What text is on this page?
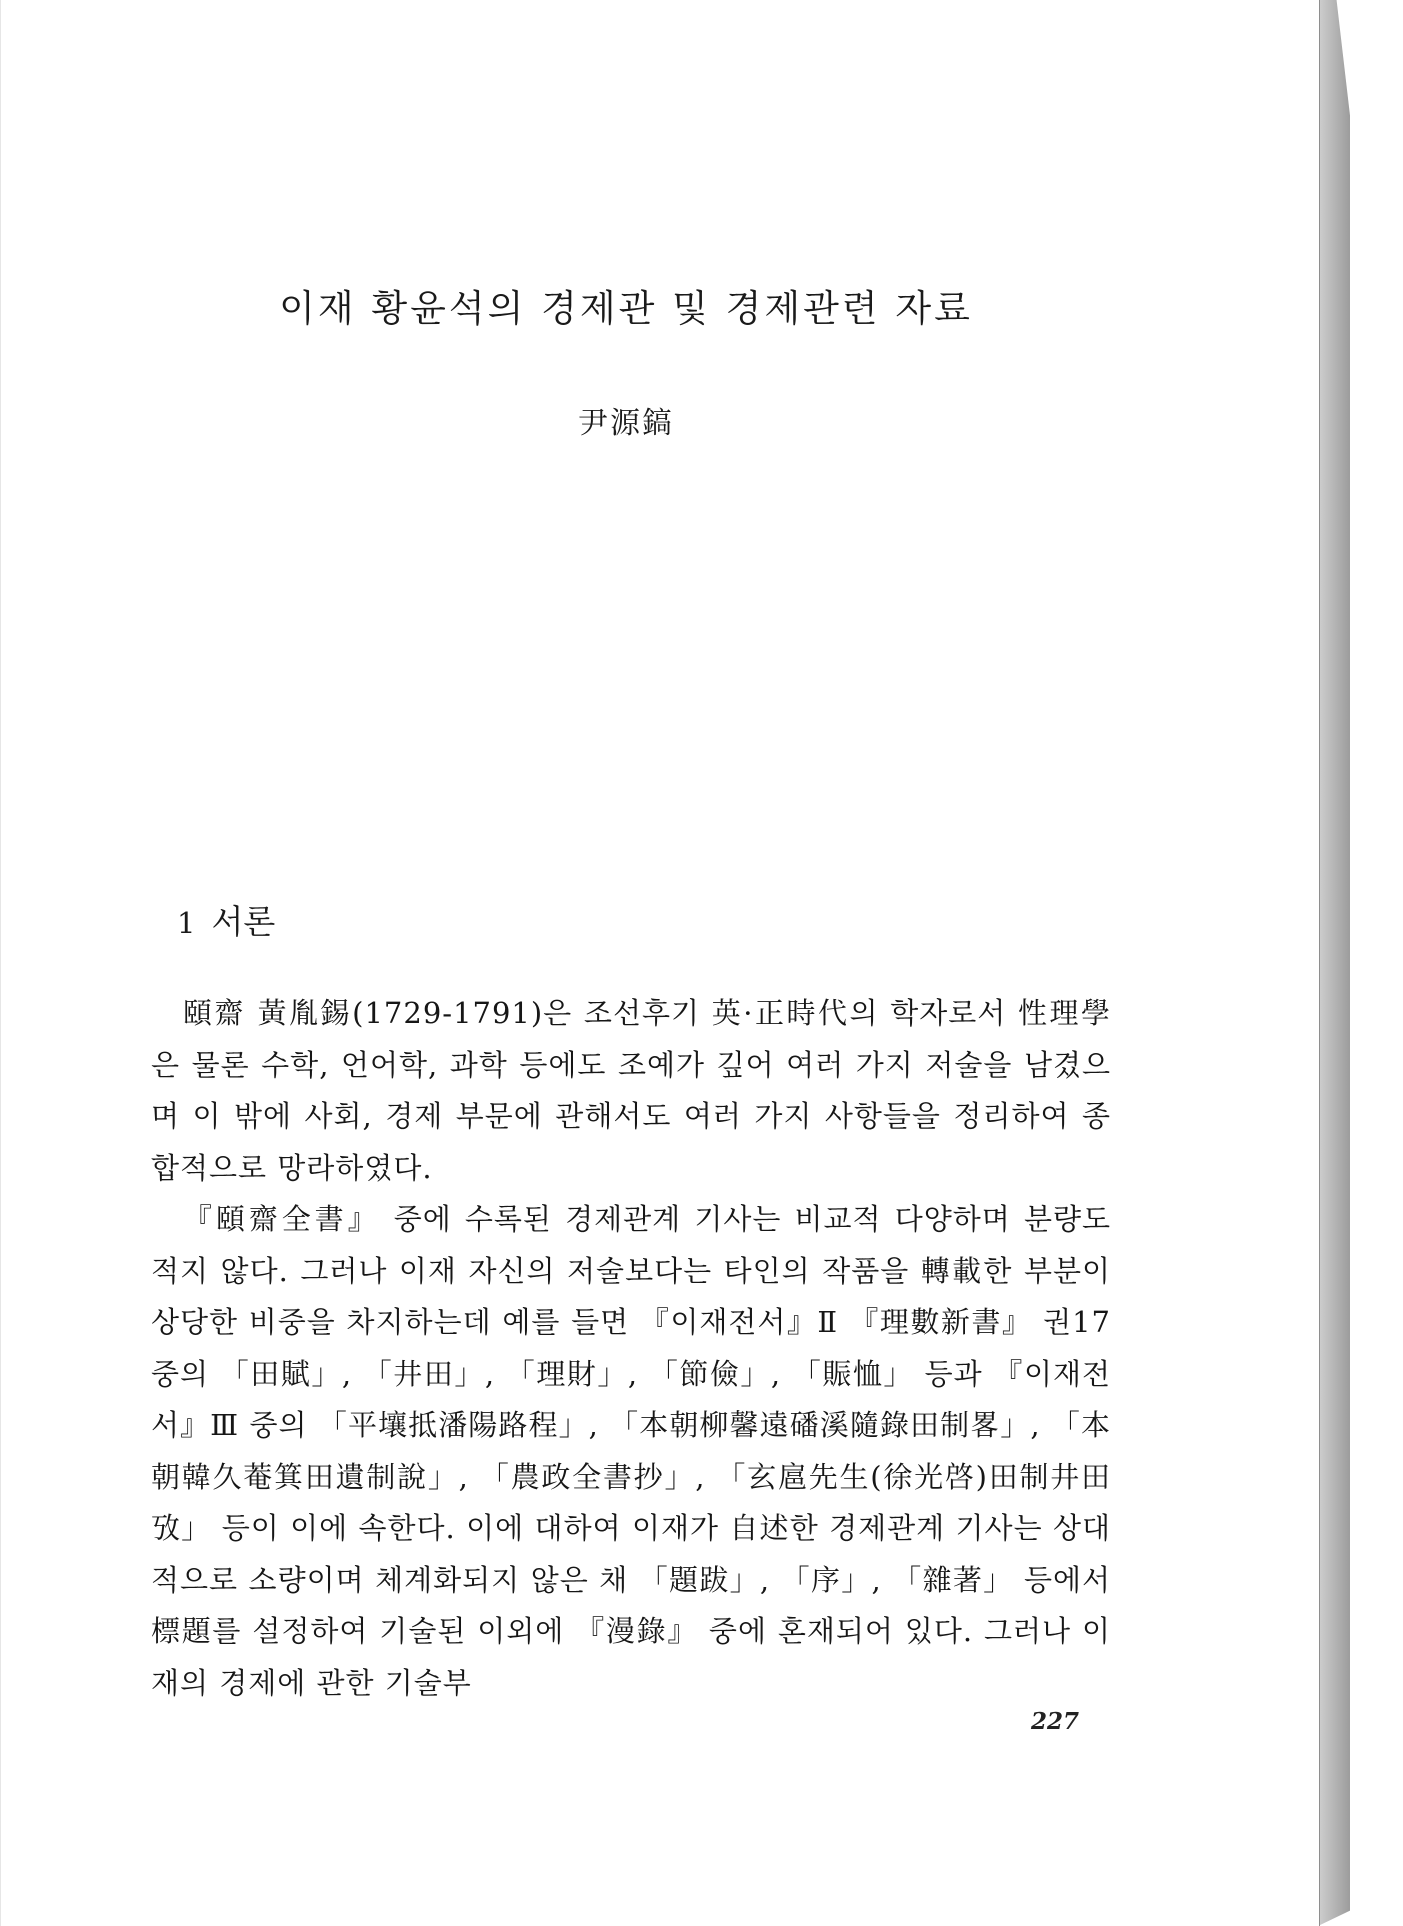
이재 황윤석의 경제관 및 경제관련 자료
尹源鎬
1 서론

頤齋 黃胤錫(1729-1791)은 조선후기 英·正時代의 학자로서 性理學은 물론 수학, 언어학, 과학 등에도 조예가 깊어 여러 가지 저술을 남겼으며 이 밖에 사회, 경제 부문에 관해서도 여러 가지 사항들을 정리하여 종합적으로 망라하였다.

『頤齋全書』 중에 수록된 경제관계 기사는 비교적 다양하며 분량도 적지 않다. 그러나 이재 자신의 저술보다는 타인의 작품을 轉載한 부분이 상당한 비중을 차지하는데 예를 들면 『이재전서』Ⅱ 『理數新書』 권17 중의 「田賦」, 「井田」, 「理財」, 「節儉」, 「賑恤」 등과 『이재전서』Ⅲ 중의 「平壤抵潘陽路程」, 「本朝柳馨遠磻溪隨錄田制畧」, 「本朝韓久菴箕田遺制說」, 「農政全書抄」, 「玄扈先生(徐光啓)田制井田攷」 등이 이에 속한다. 이에 대하여 이재가 自述한 경제관계 기사는 상대적으로 소량이며 체계화되지 않은 채 「題跋」, 「序」, 「雜著」 등에서 標題를 설정하여 기술된 이외에 『漫錄』 중에 혼재되어 있다. 그러나 이재의 경제에 관한 기술부

227
